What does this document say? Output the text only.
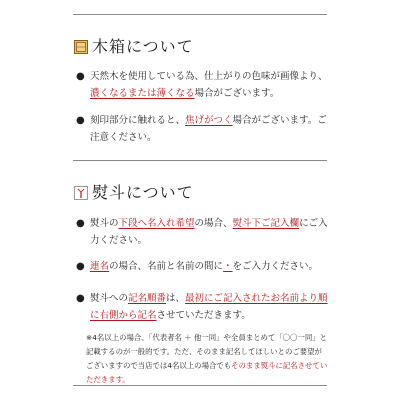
木箱について
● 天然木を使用している為、仕上がりの色味が画像より、濃くなるまたは薄くなる場合がございます。
● 刻印部分に触れると、焦げがつく場合がございます。ご注意ください。
熨斗について
● 熨斗の下段へ名入れ希望の場合、熨斗下ご記入欄にご入力ください。
● 連名の場合、名前と名前の間に・をご入力ください。
● 熨斗への記名順番は、最初にご記入されたお名前より順に右側から記名させていただきます。
※4名以上の場合、「代表者名 ＋ 他一同」や全員まとめて「〇〇一同」と記載するのが一般的です。ただ、そのまま記名してほしいとのご要望がございますので当店では4名以上の場合でもそのまま熨斗に記名させていただきます。
